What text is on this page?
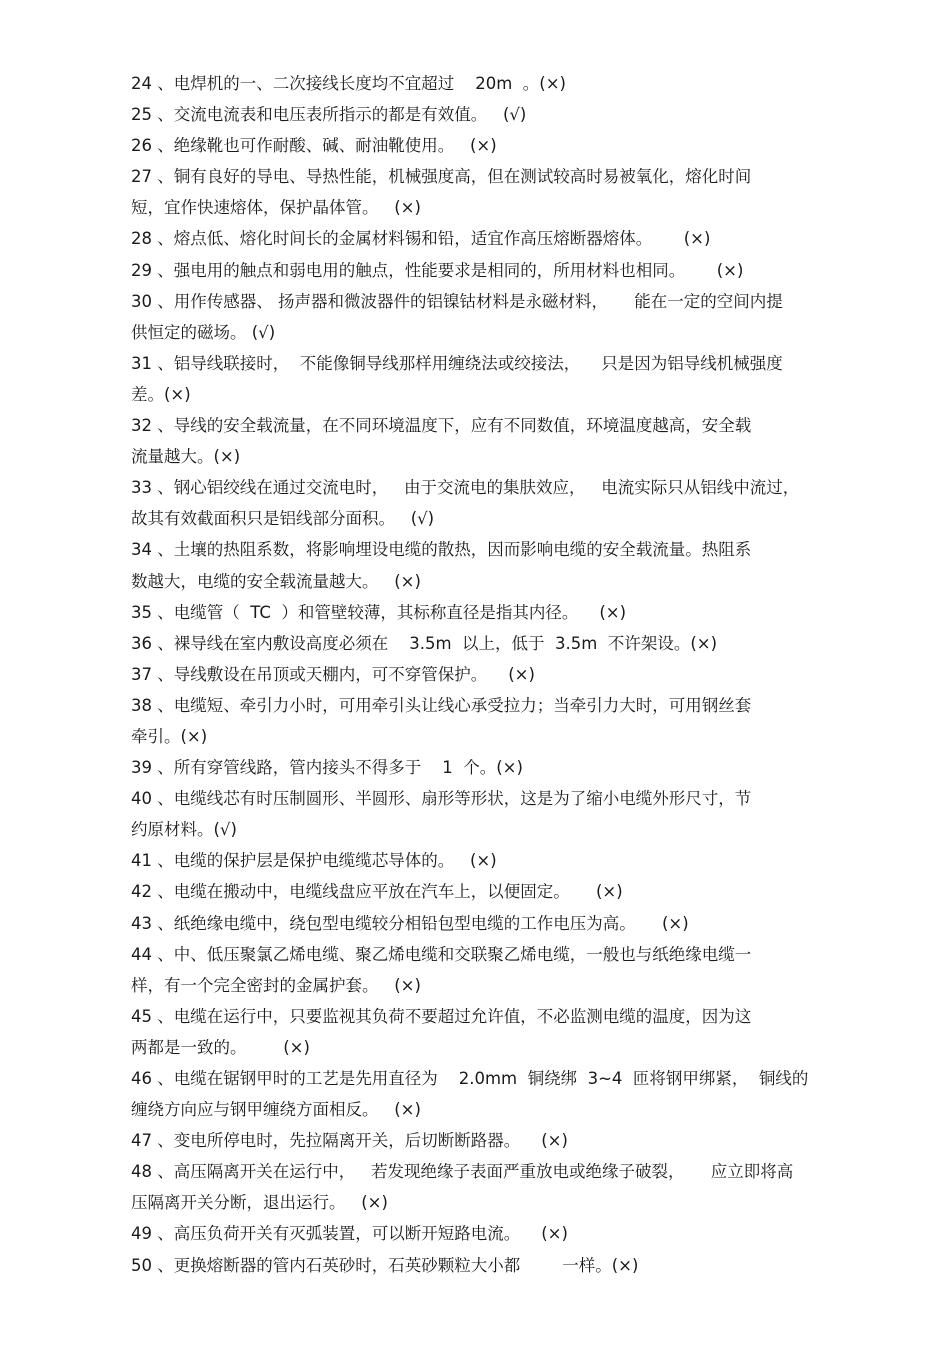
24 、电焊机的一、二次接线长度均不宜超过    20m  。(×)
25 、交流电流表和电压表所指示的都是有效值。   (√)
26 、绝缘靴也可作耐酸、碱、耐油靴使用。   (×)
27 、铜有良好的导电、导热性能，机械强度高，但在测试较高时易被氧化，熔化时间
短，宜作快速熔体，保护晶体管。   (×)
28 、熔点低、熔化时间长的金属材料锡和铅，适宜作高压熔断器熔体。      (×)
29 、强电用的触点和弱电用的触点，性能要求是相同的，所用材料也相同。      (×)
30 、用作传感器、 扬声器和微波器件的铝镍钴材料是永磁材料，     能在一定的空间内提
供恒定的磁场。 (√)
31 、铝导线联接时，  不能像铜导线那样用缠绕法或绞接法，    只是因为铝导线机械强度
差。(×)
32 、导线的安全载流量，在不同环境温度下，应有不同数值，环境温度越高，安全载
流量越大。(×)
33 、钢心铝绞线在通过交流电时，   由于交流电的集肤效应，   电流实际只从铝线中流过，
故其有效截面积只是铝线部分面积。   (√)
34 、土壤的热阻系数，将影响埋设电缆的散热，因而影响电缆的安全载流量。热阻系
数越大，电缆的安全载流量越大。   (×)
35 、电缆管（  TC  ）和管壁较薄，其标称直径是指其内径。    (×)
36 、裸导线在室内敷设高度必须在    3.5m  以上，低于  3.5m  不许架设。(×)
37 、导线敷设在吊顶或天棚内，可不穿管保护。    (×)
38 、电缆短、牵引力小时，可用牵引头让线心承受拉力；当牵引力大时，可用钢丝套
牵引。(×)
39 、所有穿管线路，管内接头不得多于    1  个。(×)
40 、电缆线芯有时压制圆形、半圆形、扇形等形状，这是为了缩小电缆外形尺寸，节
约原材料。(√)
41 、电缆的保护层是保护电缆缆芯导体的。   (×)
42 、电缆在搬动中，电缆线盘应平放在汽车上，以便固定。     (×)
43 、纸绝缘电缆中，绕包型电缆较分相铅包型电缆的工作电压为高。     (×)
44 、中、低压聚氯乙烯电缆、聚乙烯电缆和交联聚乙烯电缆，一般也与纸绝缘电缆一
样，有一个完全密封的金属护套。   (×)
45 、电缆在运行中，只要监视其负荷不要超过允许值，不必监测电缆的温度，因为这
两都是一致的。       (×)
46 、电缆在锯钢甲时的工艺是先用直径为    2.0mm  铜绕绑  3~4  匝将钢甲绑紧，  铜线的
缠绕方向应与钢甲缠绕方面相反。   (×)
47 、变电所停电时，先拉隔离开关，后切断断路器。    (×)
48 、高压隔离开关在运行中，   若发现绝缘子表面严重放电或绝缘子破裂，     应立即将高
压隔离开关分断，退出运行。   (×)
49 、高压负荷开关有灭弧装置，可以断开短路电流。    (×)
50 、更换熔断器的管内石英砂时，石英砂颗粒大小都        一样。(×)
